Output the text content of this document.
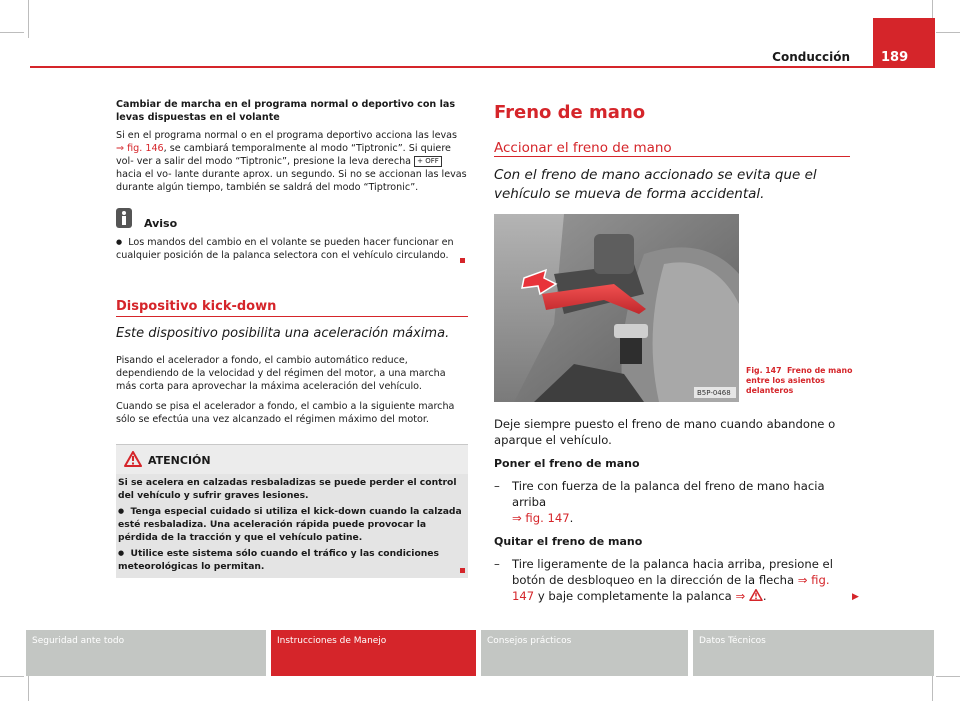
Conducción	189

Cambiar de marcha en el programa normal o deportivo con las levas dispuestas en el volante

Si en el programa normal o en el programa deportivo acciona las levas
⇒ fig. 146, se cambiará temporalmente al modo “Tiptronic”. Si quiere vol- ver a salir del modo “Tiptronic”, presione la leva derecha + OFF hacia el vo- lante durante aprox. un segundo. Si no se accionan las levas durante algún tiempo, también se saldrá del modo “Tiptronic”.

Aviso
● Los mandos del cambio en el volante se pueden hacer funcionar en cualquier posición de la palanca selectora con el vehículo circulando.
Dispositivo kick-down
Este dispositivo posibilita una aceleración máxima.

Pisando el acelerador a fondo, el cambio automático reduce, dependiendo de la velocidad y del régimen del motor, a una marcha más corta para aprovechar la máxima aceleración del vehículo.

Cuando se pisa el acelerador a fondo, el cambio a la siguiente marcha sólo se efectúa una vez alcanzado el régimen máximo del motor.

ATENCIÓN

Si se acelera en calzadas resbaladizas se puede perder el control del vehículo y sufrir graves lesiones.

● Tenga especial cuidado si utiliza el kick-down cuando la calzada esté resbaladiza. Una aceleración rápida puede provocar la pérdida de la tracción y que el vehículo patine.

● Utilice este sistema sólo cuando el tráfico y las condiciones meteorológicas lo permitan.

Freno de mano
Accionar el freno de mano
Con el freno de mano accionado se evita que el vehículo se mueva de forma accidental.
B5P-0468
Fig. 147 Freno de mano entre los asientos delanteros

Deje siempre puesto el freno de mano cuando abandone o aparque el vehículo.

Poner el freno de mano

–	Tire con fuerza de la palanca del freno de mano hacia arriba
⇒ fig. 147.

Quitar el freno de mano

–	Tire ligeramente de la palanca hacia arriba, presione el botón de desbloqueo en la dirección de la flecha ⇒ fig. 147 y baje completamente la palanca ⇒ .	▶
Seguridad ante todo	Instrucciones de Manejo	Consejos prácticos	Datos Técnicos
